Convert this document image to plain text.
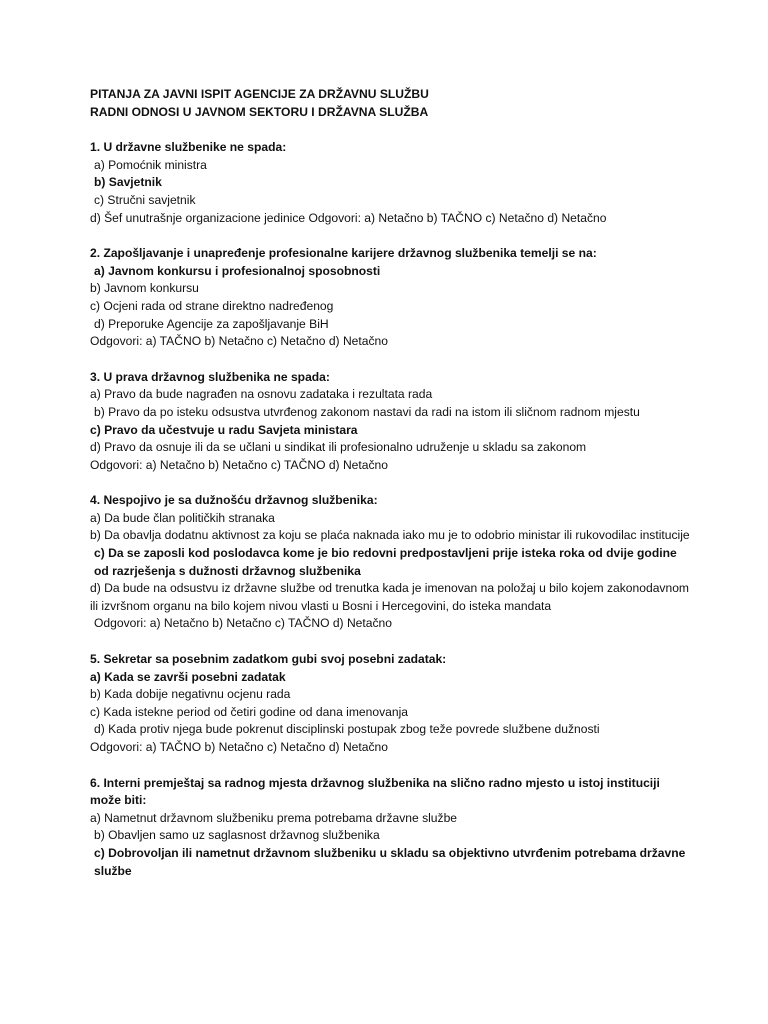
PITANJA ZA JAVNI ISPIT AGENCIJE ZA DRŽAVNU SLUŽBU
RADNI ODNOSI U JAVNOM SEKTORU I DRŽAVNA SLUŽBA
1. U državne službenike ne spada:
a) Pomoćnik ministra
b) Savjetnik
c) Stručni savjetnik
d) Šef unutrašnje organizacione jedinice Odgovori: a) Netačno b) TAČNO c) Netačno d) Netačno
2. Zapošljavanje i unapređenje profesionalne karijere državnog službenika temelji se na:
a) Javnom konkursu i profesionalnoj sposobnosti
b) Javnom konkursu
c) Ocjeni rada od strane direktno nadređenog
d) Preporuke Agencije za zapošljavanje BiH
Odgovori: a) TAČNO b) Netačno c) Netačno d) Netačno
3. U prava državnog službenika ne spada:
a) Pravo da bude nagrađen na osnovu zadataka i rezultata rada
b) Pravo da po isteku odsustva utvrđenog zakonom nastavi da radi na istom ili sličnom radnom mjestu
c) Pravo da učestvuje u radu Savjeta ministara
d) Pravo da osnuje ili da se učlani u sindikat ili profesionalno udruženje u skladu sa zakonom
Odgovori: a) Netačno b) Netačno c) TAČNO d) Netačno
4. Nespojivo je sa dužnošću državnog službenika:
a) Da bude član političkih stranaka
b) Da obavlja dodatnu aktivnost za koju se plaća naknada iako mu je to odobrio ministar ili rukovodilac institucije
c) Da se zaposli kod poslodavca kome je bio redovni predpostavljeni prije isteka roka od dvije godine od razrješenja s dužnosti državnog službenika
d) Da bude na odsustvu iz državne službe od trenutka kada je imenovan na položaj u bilo kojem zakonodavnom ili izvršnom organu na bilo kojem nivou vlasti u Bosni i Hercegovini, do isteka mandata
Odgovori: a) Netačno b) Netačno c) TAČNO d) Netačno
5. Sekretar sa posebnim zadatkom gubi svoj posebni zadatak:
a) Kada se završi posebni zadatak
b) Kada dobije negativnu ocjenu rada
c) Kada istekne period od četiri godine od dana imenovanja
d) Kada protiv njega bude pokrenut disciplinski postupak zbog teže povrede službene dužnosti
Odgovori: a) TAČNO b) Netačno c) Netačno d) Netačno
6. Interni premještaj sa radnog mjesta državnog službenika na slično radno mjesto u istoj instituciji može biti:
a) Nametnut državnom službeniku prema potrebama državne službe
b) Obavljen samo uz saglasnost državnog službenika
c) Dobrovoljan ili nametnut državnom službeniku u skladu sa objektivno utvrđenim potrebama državne službe
